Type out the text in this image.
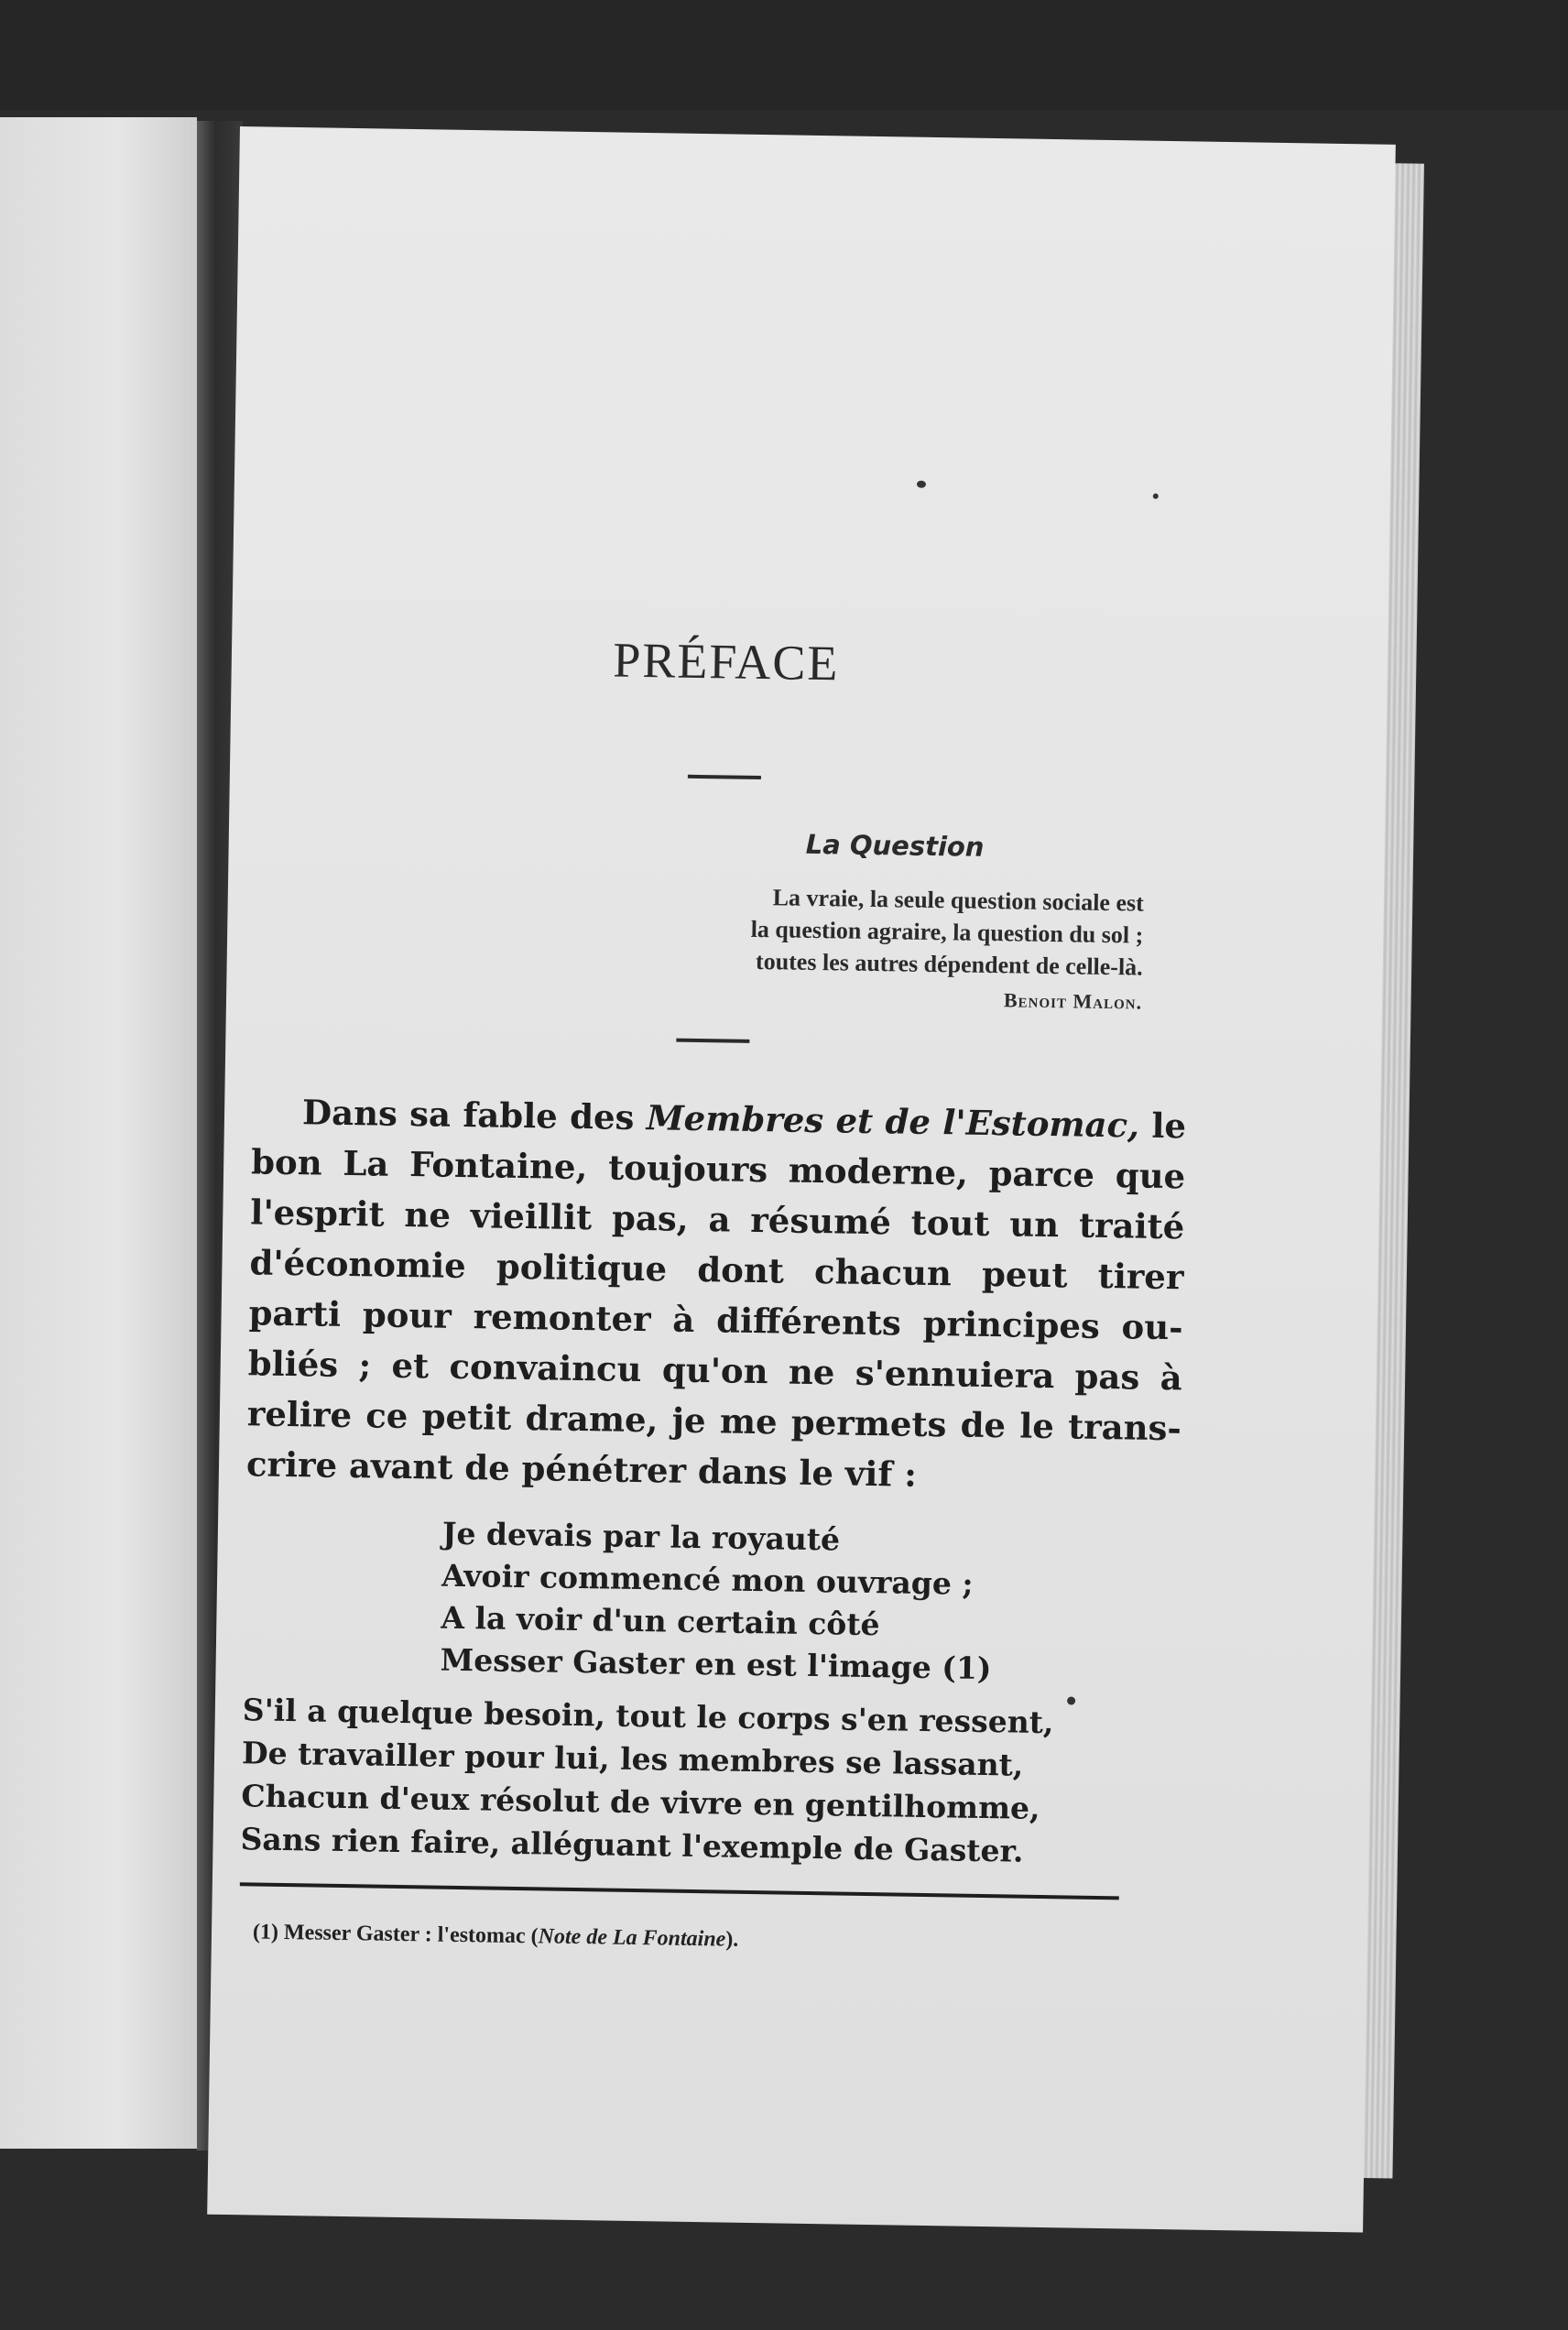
PRÉFACE
La Question
La vraie, la seule question sociale est
la question agraire, la question du sol ;
toutes les autres dépendent de celle-là.
Benoit Malon.
Dans sa fable des Membres et de l'Estomac, le
bon La Fontaine, toujours moderne, parce que
l'esprit ne vieillit pas, a résumé tout un traité
d'économie politique dont chacun peut tirer
parti pour remonter à différents principes ou-
bliés ; et convaincu qu'on ne s'ennuiera pas à
relire ce petit drame, je me permets de le trans-
crire avant de pénétrer dans le vif :
Je devais par la royauté
Avoir commencé mon ouvrage ;
A la voir d'un certain côté
Messer Gaster en est l'image (1)
S'il a quelque besoin, tout le corps s'en ressent,
De travailler pour lui, les membres se lassant,
Chacun d'eux résolut de vivre en gentilhomme,
Sans rien faire, alléguant l'exemple de Gaster.
(1) Messer Gaster : l'estomac (Note de La Fontaine).
